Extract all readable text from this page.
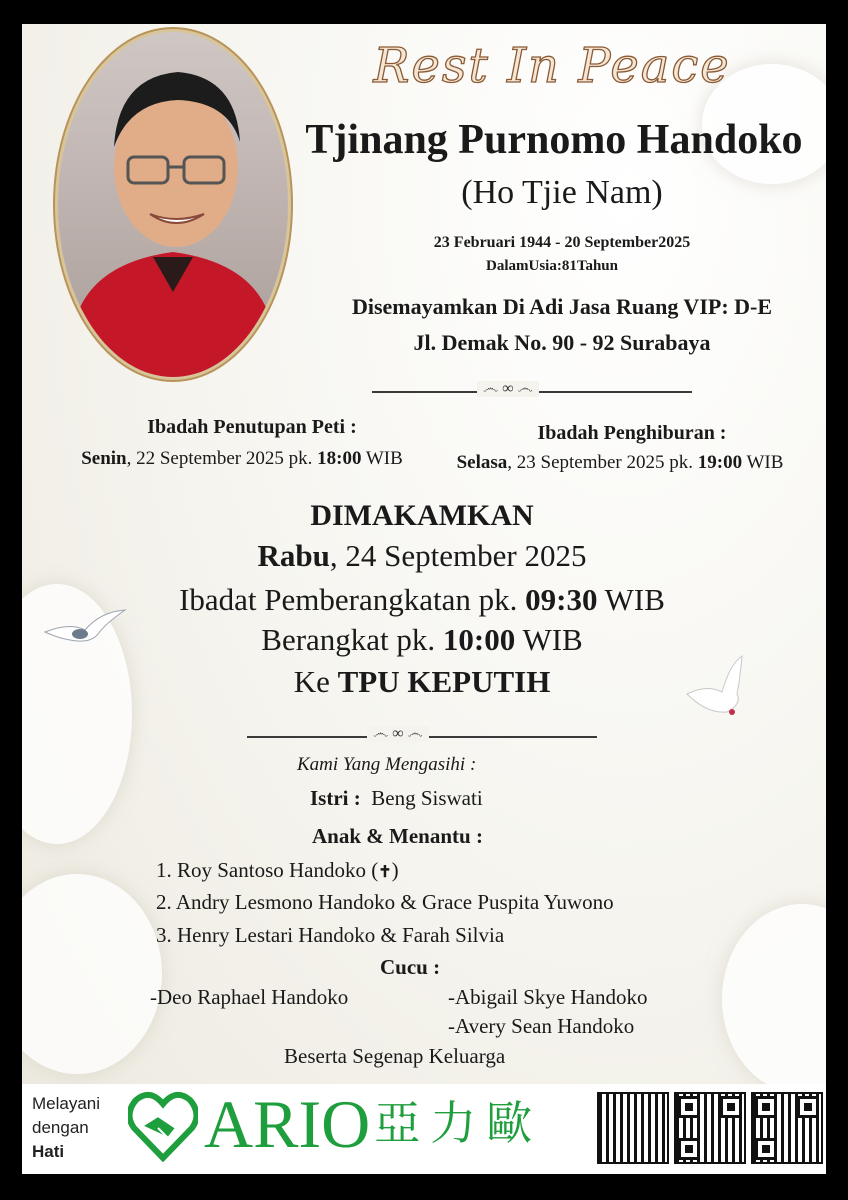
Rest In Peace
Tjinang Purnomo Handoko
(Ho Tjie Nam)
23 Februari 1944 - 20 September2025
DalamUsia:81Tahun
Disemayamkan Di Adi Jasa Ruang VIP: D-E
Jl. Demak No. 90 - 92 Surabaya
෴ ∞ ෴
Ibadah Penutupan Peti :
Senin, 22 September 2025 pk. 18:00 WIB
Ibadah Penghiburan :
Selasa, 23 September 2025 pk. 19:00 WIB
DIMAKAMKAN
Rabu, 24 September 2025
Ibadat Pemberangkatan pk. 09:30 WIB
Berangkat pk. 10:00 WIB
Ke TPU KEPUTIH
෴ ∞ ෴
Kami Yang Mengasihi :
Istri : Beng Siswati
Anak & Menantu :
1. Roy Santoso Handoko (✝)
2. Andry Lesmono Handoko & Grace Puspita Yuwono
3. Henry Lestari Handoko & Farah Silvia
Cucu :
-Deo Raphael Handoko	-Abigail Skye Handoko
-Avery Sean Handoko
Beserta Segenap Keluarga
Melayani
dengan
Hati	ARIO 亞力歐
